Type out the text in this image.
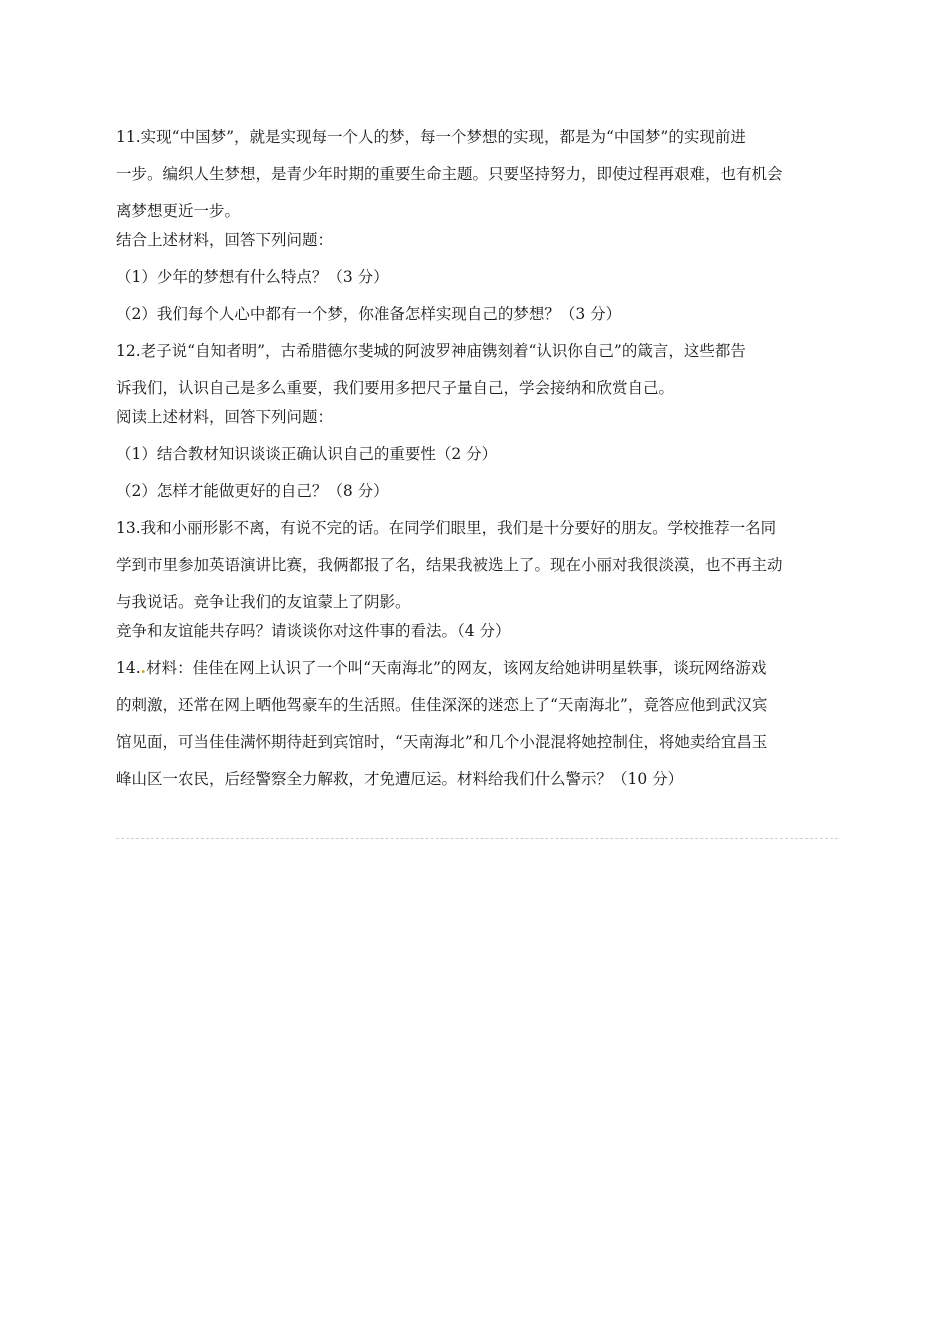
11.实现“中国梦”，就是实现每一个人的梦，每一个梦想的实现，都是为“中国梦”的实现前进
一步。编织人生梦想，是青少年时期的重要生命主题。只要坚持努力，即使过程再艰难，也有机会
离梦想更近一步。
结合上述材料，回答下列问题：
（1）少年的梦想有什么特点？（3 分）
（2）我们每个人心中都有一个梦，你准备怎样实现自己的梦想？（3 分）
12.老子说“自知者明”，古希腊德尔斐城的阿波罗神庙镌刻着“认识你自己”的箴言，这些都告
诉我们，认识自己是多么重要，我们要用多把尺子量自己，学会接纳和欣赏自己。
阅读上述材料，回答下列问题：
（1）结合教材知识谈谈正确认识自己的重要性（2 分）
（2）怎样才能做更好的自己？（8 分）
13.我和小丽形影不离，有说不完的话。在同学们眼里，我们是十分要好的朋友。学校推荐一名同
学到市里参加英语演讲比赛，我俩都报了名，结果我被选上了。现在小丽对我很淡漠，也不再主动
与我说话。竞争让我们的友谊蒙上了阴影。
竞争和友谊能共存吗？请谈谈你对这件事的看法。（4 分）
14..材料：佳佳在网上认识了一个叫“天南海北”的网友，该网友给她讲明星轶事，谈玩网络游戏
的刺激，还常在网上晒他驾豪车的生活照。佳佳深深的迷恋上了“天南海北”，竟答应他到武汉宾
馆见面，可当佳佳满怀期待赶到宾馆时，“天南海北”和几个小混混将她控制住，将她卖给宜昌玉
峰山区一农民，后经警察全力解救，才免遭厄运。材料给我们什么警示？（10 分）
